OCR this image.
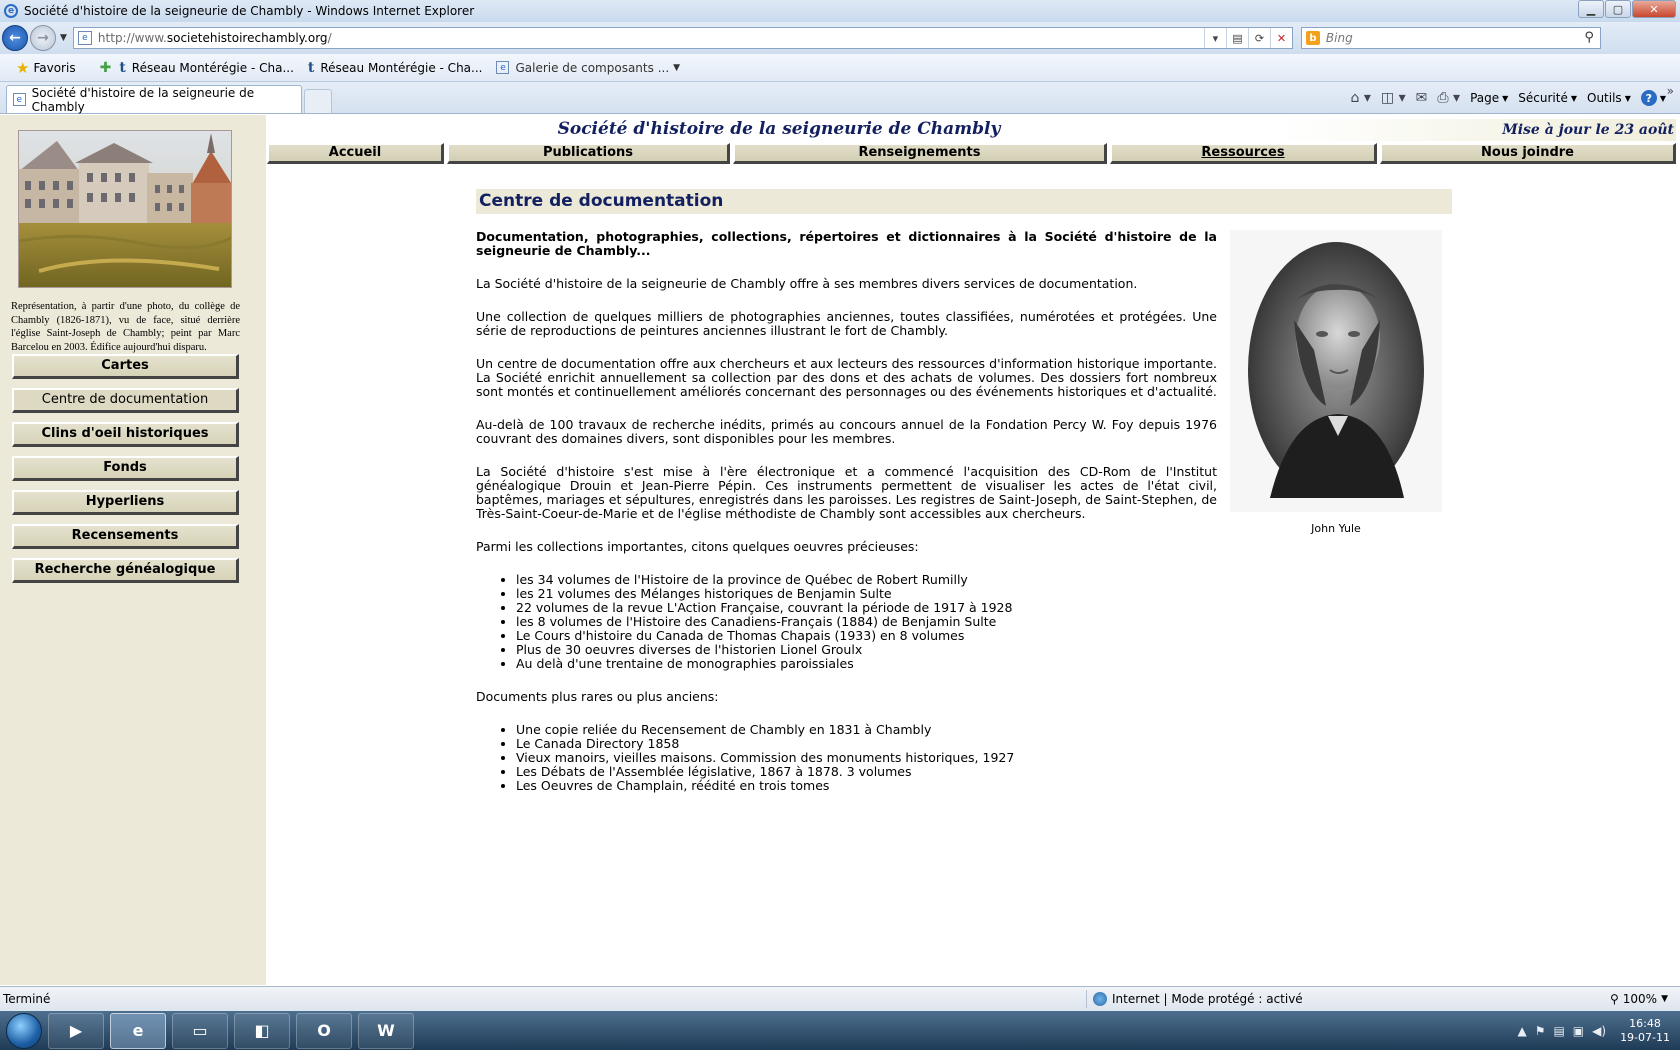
e Société d'histoire de la seigneurie de Chambly - Windows Internet Explorer	▁	▢	✕
←	→	▼	e http://www. societehistoirechambly.org /	▾	▤	⟳	✕	b Bing	⚲
★ Favoris ✚ t Réseau Montérégie - Cha... t Réseau Montérégie - Cha...	e Galerie de composants ... ▼
e Société d'histoire de la seigneurie de Chambly
⌂ ▾ ◫ ▾ ✉ ⎙ ▾ Page ▼ Sécurité ▼ Outils ▼	? ▼ »

Représentation, à partir d'une photo, du collège de Chambly (1826-1871), vu de face, situé derrière l'église Saint-Joseph de Chambly; peint par Marc Barcelou en 2003. Édifice aujourd'hui disparu.

Cartes
Centre de documentation
Clins d'oeil historiques
Fonds
Hyperliens
Recensements
Recherche généalogique
Société d'histoire de la seigneurie de Chambly	Mise à jour le 23 août
Accueil	Publications	Renseignements	Ressources	Nous joindre
Centre de documentation

Documentation, photographies, collections, répertoires et dictionnaires à la Société d'histoire de la seigneurie de Chambly...

La Société d'histoire de la seigneurie de Chambly offre à ses membres divers services de documentation.

Une collection de quelques milliers de photographies anciennes, toutes classifiées, numérotées et protégées. Une série de reproductions de peintures anciennes illustrant le fort de Chambly.

Un centre de documentation offre aux chercheurs et aux lecteurs des ressources d'information historique importante. La Société enrichit annuellement sa collection par des dons et des achats de volumes. Des dossiers fort nombreux sont montés et continuellement améliorés concernant des personnages ou des événements historiques et d'actualité.

Au-delà de 100 travaux de recherche inédits, primés au concours annuel de la Fondation Percy W. Foy depuis 1976 couvrant des domaines divers, sont disponibles pour les membres.

La Société d'histoire s'est mise à l'ère électronique et a commencé l'acquisition des CD-Rom de l'Institut généalogique Drouin et Jean-Pierre Pépin. Ces instruments permettent de visualiser les actes de l'état civil, baptêmes, mariages et sépultures, enregistrés dans les paroisses. Les registres de Saint-Joseph, de Saint-Stephen, de Très-Saint-Coeur-de-Marie et de l'église méthodiste de Chambly sont accessibles aux chercheurs.

Parmi les collections importantes, citons quelques oeuvres précieuses:

• les 34 volumes de l'Histoire de la province de Québec de Robert Rumilly
• les 21 volumes des Mélanges historiques de Benjamin Sulte
• 22 volumes de la revue L'Action Française, couvrant la période de 1917 à 1928
• les 8 volumes de l'Histoire des Canadiens-Français (1884) de Benjamin Sulte
• Le Cours d'histoire du Canada de Thomas Chapais (1933) en 8 volumes
• Plus de 30 oeuvres diverses de l'historien Lionel Groulx
• Au delà d'une trentaine de monographies paroissiales

Documents plus rares ou plus anciens:

• Une copie reliée du Recensement de Chambly en 1831 à Chambly
• Le Canada Directory 1858
• Vieux manoirs, vieilles maisons. Commission des monuments historiques, 1927
• Les Débats de l'Assemblée législative, 1867 à 1878. 3 volumes
• Les Oeuvres de Champlain, réédité en trois tomes
John Yule
Terminé	Internet | Mode protégé : activé	⚲ 100% ▼
▶	e	▭	◧	O	W	▲ ⚑ ▤ ▣ ◀)
16:48
19-07-11
